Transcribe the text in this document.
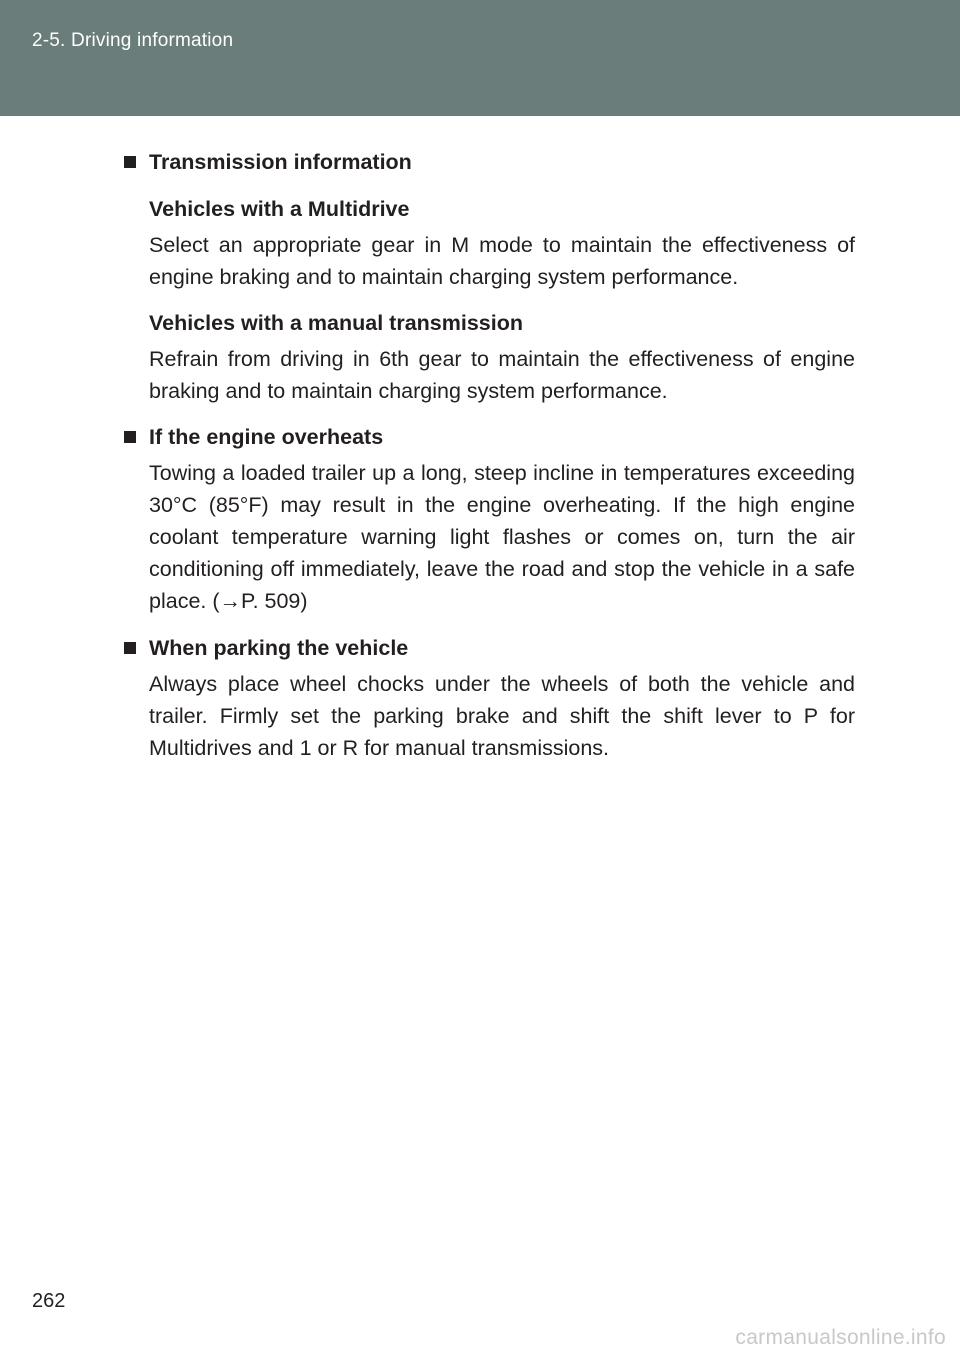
2-5. Driving information
Transmission information
Vehicles with a Multidrive
Select an appropriate gear in M mode to maintain the effectiveness of engine braking and to maintain charging system performance.
Vehicles with a manual transmission
Refrain from driving in 6th gear to maintain the effectiveness of engine braking and to maintain charging system performance.
If the engine overheats
Towing a loaded trailer up a long, steep incline in temperatures exceeding 30°C (85°F) may result in the engine overheating. If the high engine coolant temperature warning light flashes or comes on, turn the air conditioning off immediately, leave the road and stop the vehicle in a safe place. (→P. 509)
When parking the vehicle
Always place wheel chocks under the wheels of both the vehicle and trailer. Firmly set the parking brake and shift the shift lever to P for Multidrives and 1 or R for manual transmissions.
262
carmanualsonline.info
